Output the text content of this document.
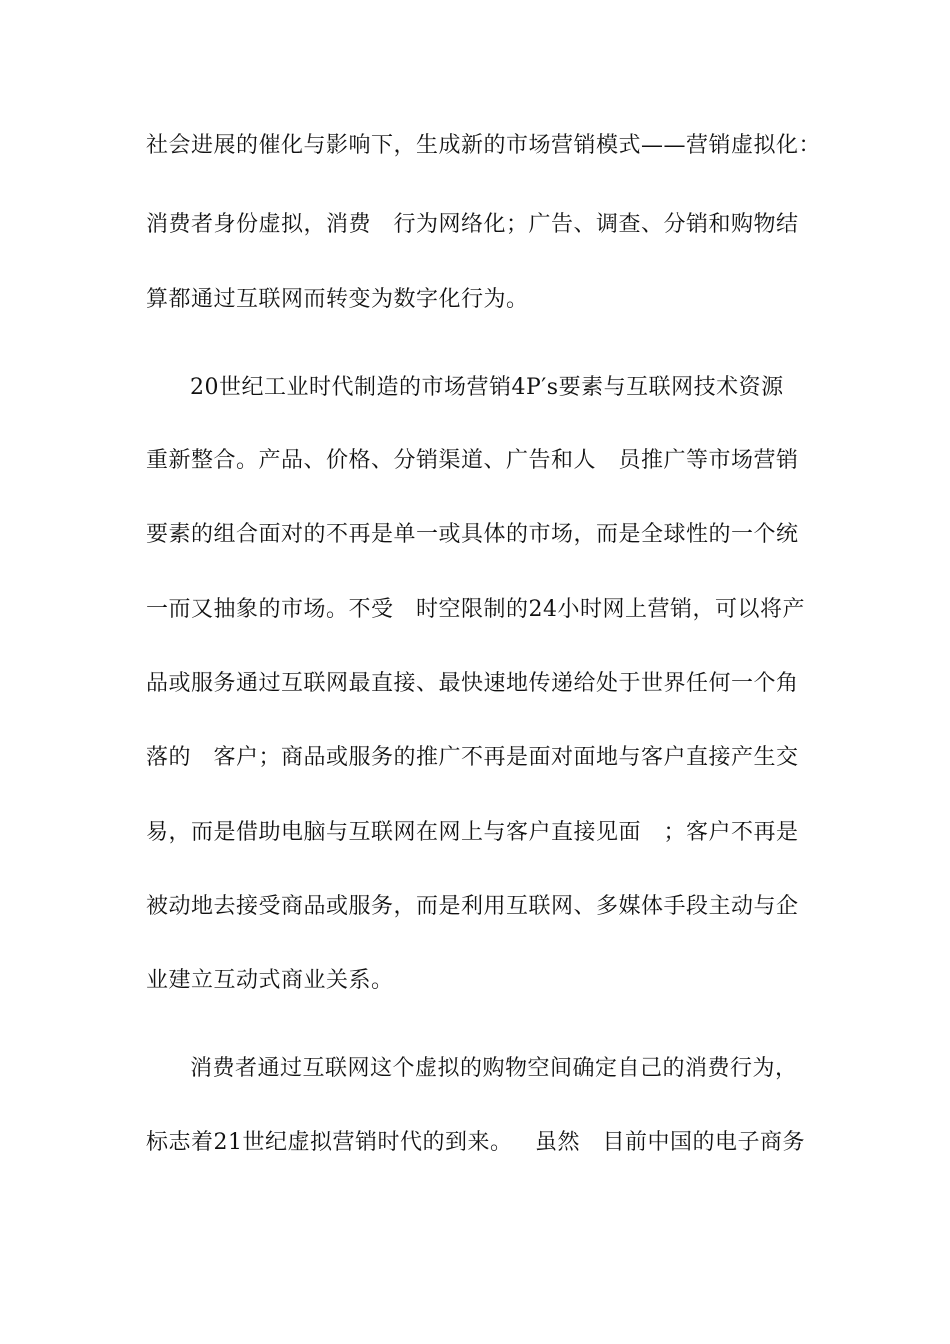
社会进展的催化与影响下，生成新的市场营销模式——营销虚拟化：
消费者身份虚拟，消费   行为网络化；广告、调查、分销和购物结
算都通过互联网而转变为数字化行为。
20世纪工业时代制造的市场营销4P′s要素与互联网技术资源
重新整合。产品、价格、分销渠道、广告和人   员推广等市场营销
要素的组合面对的不再是单一或具体的市场，而是全球性的一个统
一而又抽象的市场。不受   时空限制的24小时网上营销，可以将产
品或服务通过互联网最直接、最快速地传递给处于世界任何一个角
落的   客户；商品或服务的推广不再是面对面地与客户直接产生交
易，而是借助电脑与互联网在网上与客户直接见面   ；客户不再是
被动地去接受商品或服务，而是利用互联网、多媒体手段主动与企
业建立互动式商业关系。
消费者通过互联网这个虚拟的购物空间确定自己的消费行为，
标志着21世纪虚拟营销时代的到来。   虽然   目前中国的电子商务
